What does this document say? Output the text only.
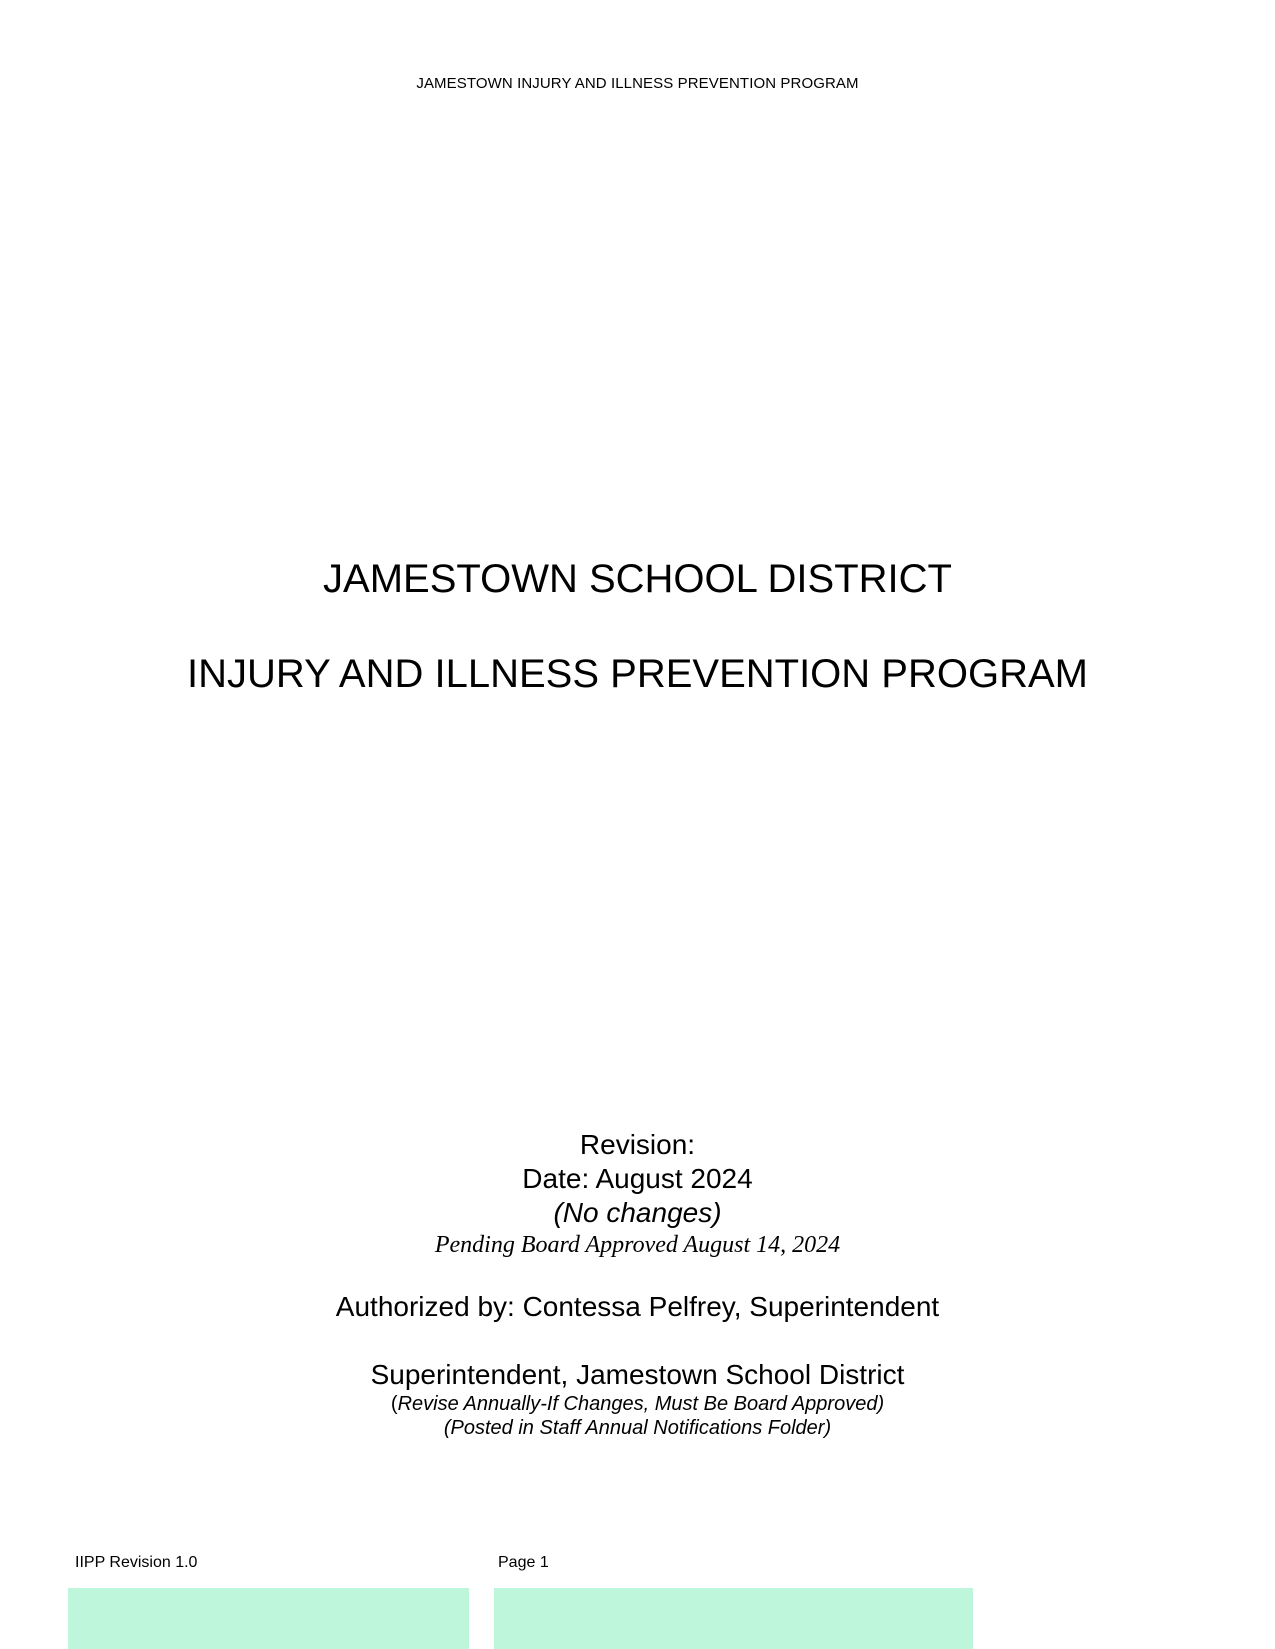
JAMESTOWN INJURY AND ILLNESS PREVENTION PROGRAM
JAMESTOWN SCHOOL DISTRICT
INJURY AND ILLNESS PREVENTION PROGRAM
Revision:
Date: August 2024
(No changes)
Pending Board Approved August 14, 2024
Authorized by: Contessa Pelfrey, Superintendent
Superintendent, Jamestown School District
(Revise Annually-If Changes, Must Be Board Approved)
(Posted in Staff Annual Notifications Folder)
IIPP Revision 1.0	Page 1
